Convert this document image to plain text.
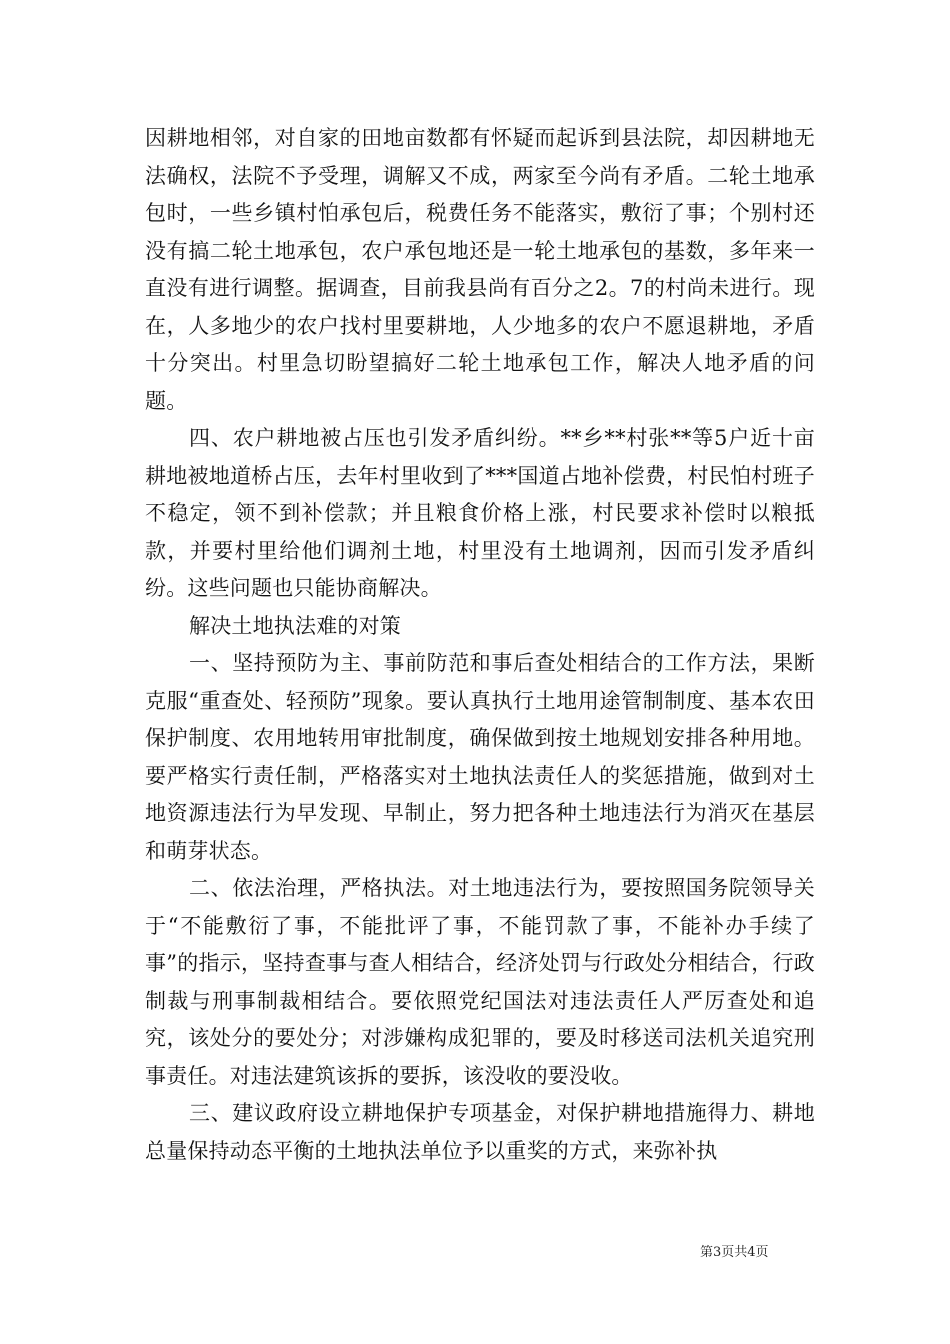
因耕地相邻，对自家的田地亩数都有怀疑而起诉到县法院，却因耕地无法确权，法院不予受理，调解又不成，两家至今尚有矛盾。二轮土地承包时，一些乡镇村怕承包后，税费任务不能落实，敷衍了事；个别村还没有搞二轮土地承包，农户承包地还是一轮土地承包的基数，多年来一直没有进行调整。据调查，目前我县尚有百分之2。7的村尚未进行。现在，人多地少的农户找村里要耕地，人少地多的农户不愿退耕地，矛盾十分突出。村里急切盼望搞好二轮土地承包工作，解决人地矛盾的问题。

四、农户耕地被占压也引发矛盾纠纷。**乡**村张**等5户近十亩耕地被地道桥占压，去年村里收到了***国道占地补偿费，村民怕村班子不稳定，领不到补偿款；并且粮食价格上涨，村民要求补偿时以粮抵款，并要村里给他们调剂土地，村里没有土地调剂，因而引发矛盾纠纷。这些问题也只能协商解决。

解决土地执法难的对策

一、坚持预防为主、事前防范和事后查处相结合的工作方法，果断克服“重查处、轻预防”现象。要认真执行土地用途管制制度、基本农田保护制度、农用地转用审批制度，确保做到按土地规划安排各种用地。要严格实行责任制，严格落实对土地执法责任人的奖惩措施，做到对土地资源违法行为早发现、早制止，努力把各种土地违法行为消灭在基层和萌芽状态。

二、依法治理，严格执法。对土地违法行为，要按照国务院领导关于“不能敷衍了事，不能批评了事，不能罚款了事，不能补办手续了事”的指示，坚持查事与查人相结合，经济处罚与行政处分相结合，行政制裁与刑事制裁相结合。要依照党纪国法对违法责任人严厉查处和追究，该处分的要处分；对涉嫌构成犯罪的，要及时移送司法机关追究刑事责任。对违法建筑该拆的要拆，该没收的要没收。

三、建议政府设立耕地保护专项基金，对保护耕地措施得力、耕地总量保持动态平衡的土地执法单位予以重奖的方式，来弥补执

第3页共4页
